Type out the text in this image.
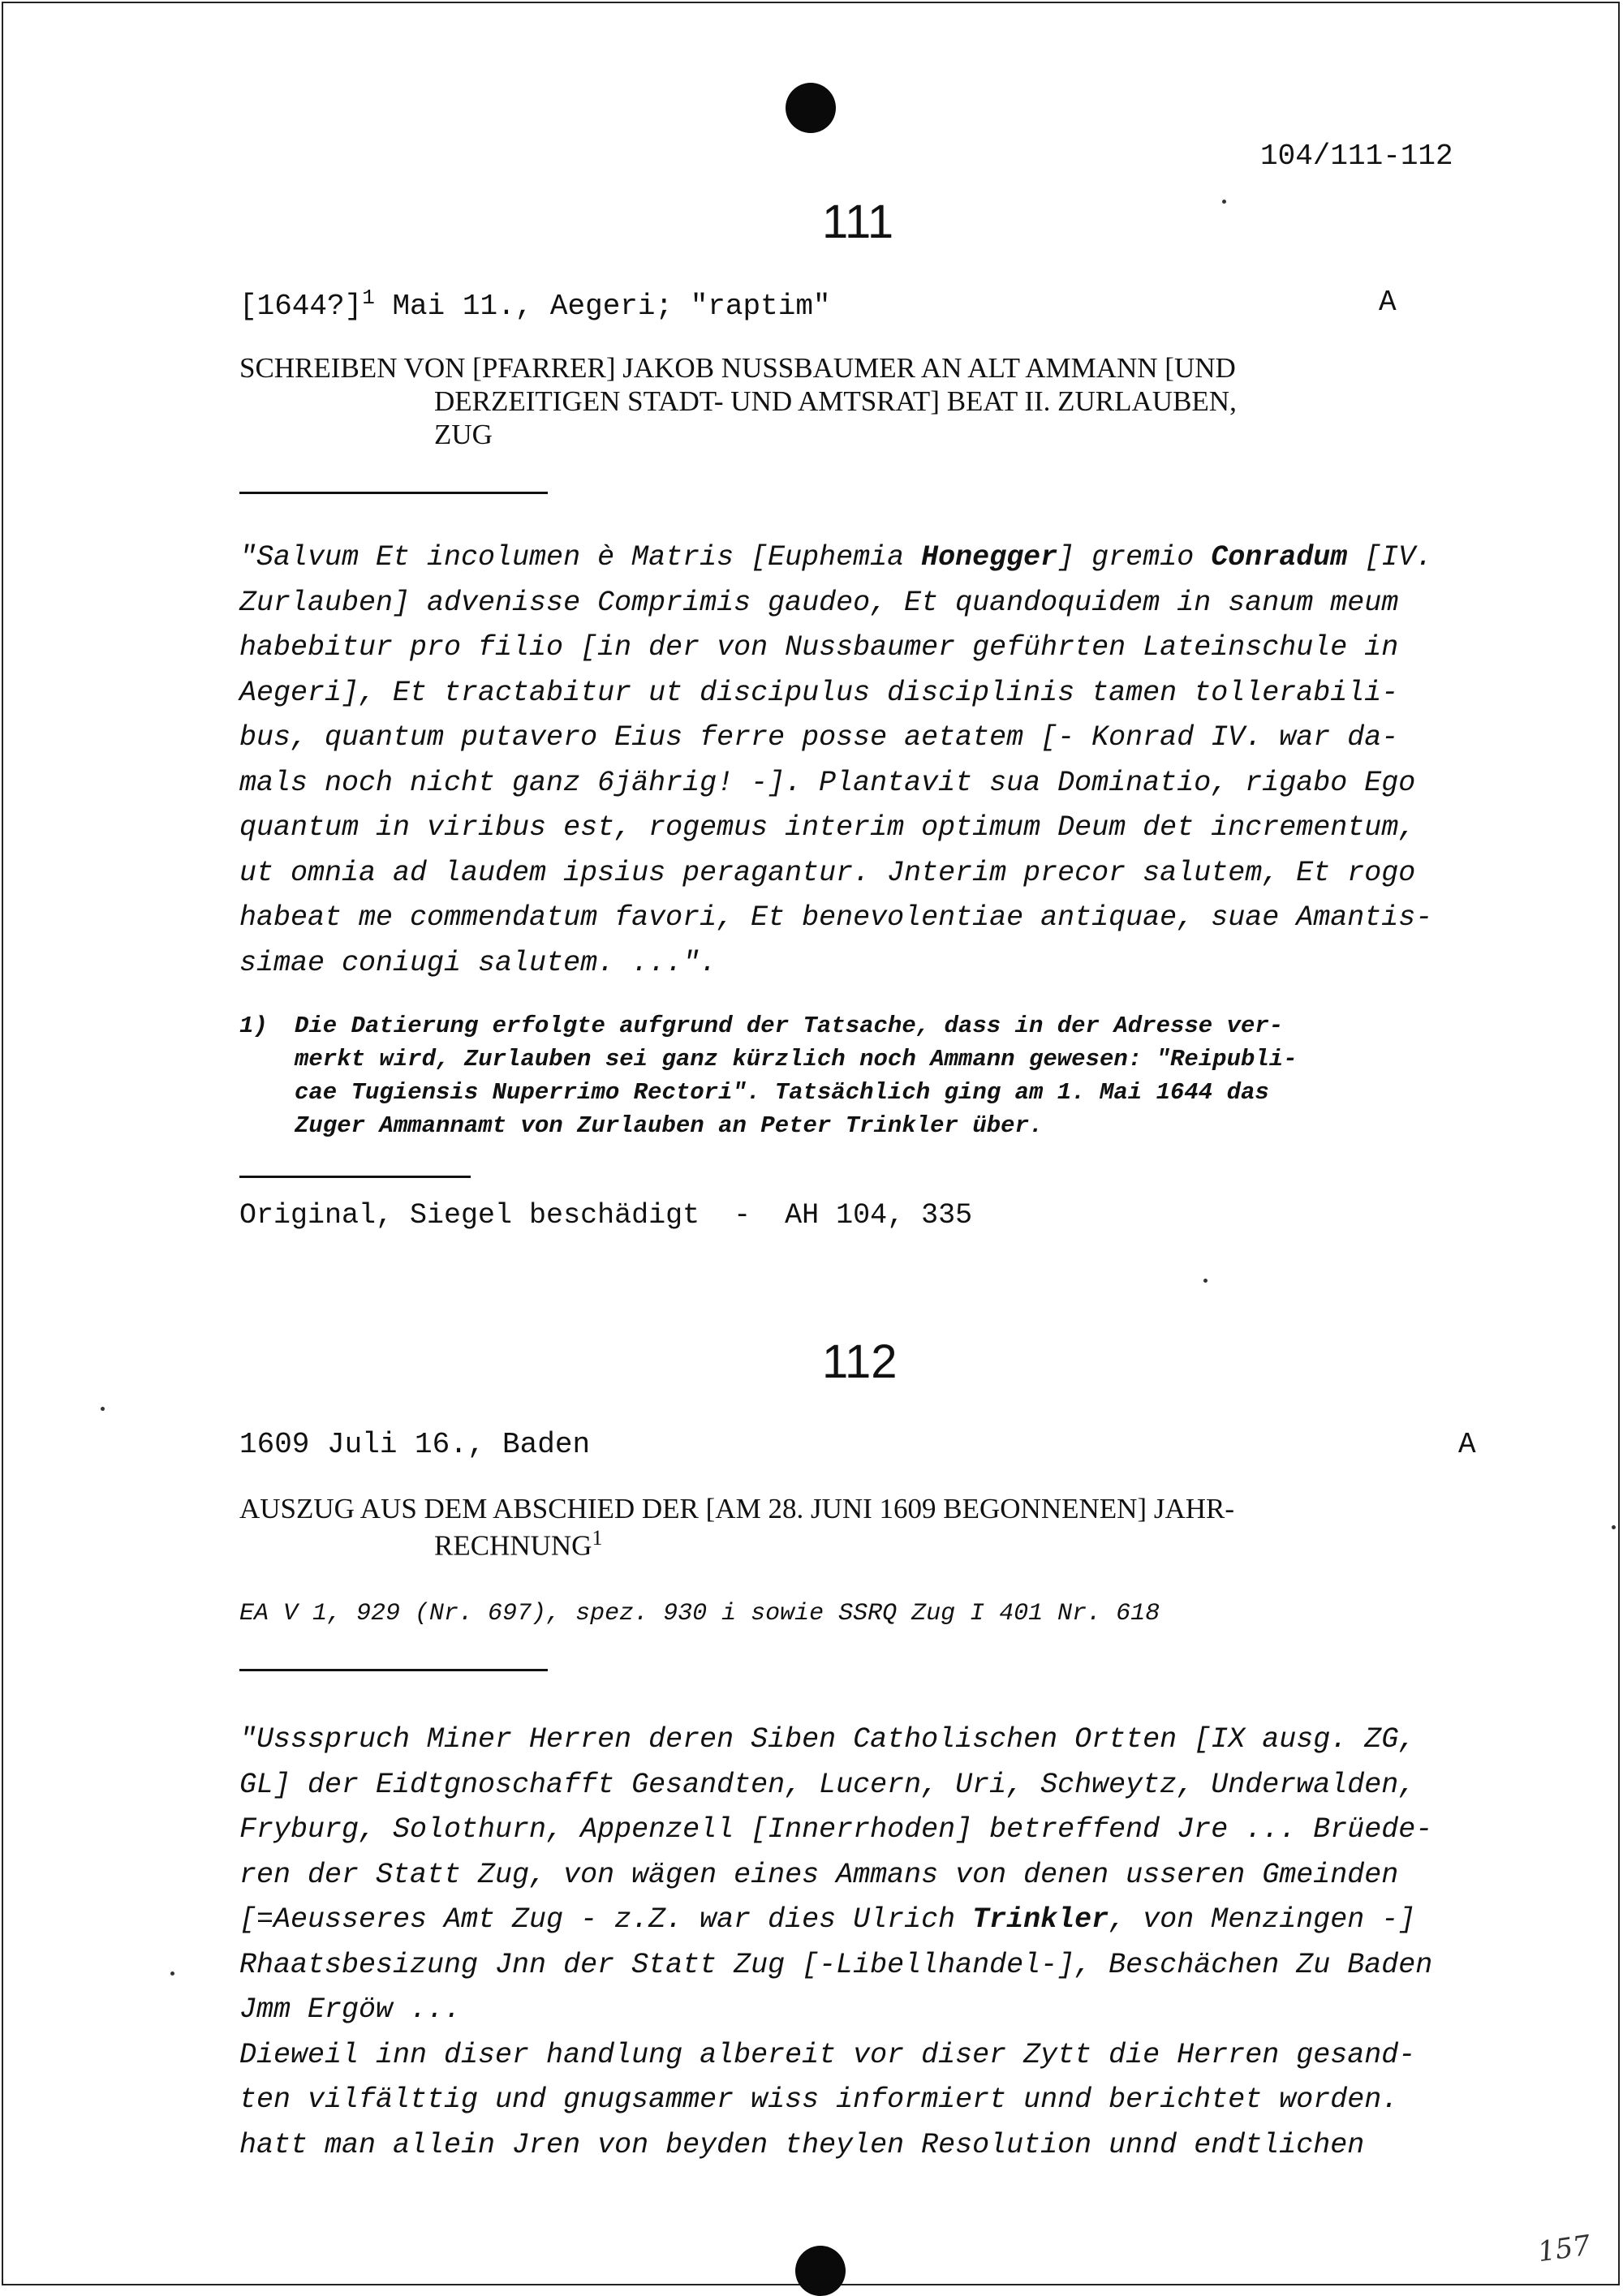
104/111-112
111
[1644?]$^1$ Mai 11., Aegeri; "raptim"	A
SCHREIBEN VON [PFARRER] JAKOB NUSSBAUMER AN ALT AMMANN [UND
DERZEITIGEN STADT- UND AMTSRAT] BEAT II. ZURLAUBEN,
ZUG
"Salvum Et incolumen è Matris [Euphemia Honegger] gremio Conradum [IV.
Zurlauben] advenisse Comprimis gaudeo, Et quandoquidem in sanum meum
habebitur pro filio [in der von Nussbaumer geführten Lateinschule in
Aegeri], Et tractabitur ut discipulus disciplinis tamen tollerabili-
bus, quantum putavero Eius ferre posse aetatem [- Konrad IV. war da-
mals noch nicht ganz 6jährig! -]. Plantavit sua Dominatio, rigabo Ego
quantum in viribus est, rogemus interim optimum Deum det incrementum,
ut omnia ad laudem ipsius peragantur. Jnterim precor salutem, Et rogo
habeat me commendatum favori, Et benevolentiae antiquae, suae Amantis-
simae coniugi salutem. ...".
1) Die Datierung erfolgte aufgrund der Tatsache, dass in der Adresse ver-
merkt wird, Zurlauben sei ganz kürzlich noch Ammann gewesen: "Reipubli-
cae Tugiensis Nuperrimo Rectori". Tatsächlich ging am 1. Mai 1644 das
Zuger Ammannamt von Zurlauben an Peter Trinkler über.
Original, Siegel beschädigt  -  AH 104, 335
112
1609 Juli 16., Baden	A
AUSZUG AUS DEM ABSCHIED DER [AM 28. JUNI 1609 BEGONNENEN] JAHR-
RECHNUNG$^1$
EA V 1, 929 (Nr. 697), spez. 930 i sowie SSRQ Zug I 401 Nr. 618
"Ussspruch Miner Herren deren Siben Catholischen Ortten [IX ausg. ZG,
GL] der Eidtgnoschafft Gesandten, Lucern, Uri, Schweytz, Underwalden,
Fryburg, Solothurn, Appenzell [Innerrhoden] betreffend Jre ... Brüede-
ren der Statt Zug, von wägen eines Ammans von denen usseren Gmeinden
[=Aeusseres Amt Zug - z.Z. war dies Ulrich Trinkler, von Menzingen -]
Rhaatsbesizung Jnn der Statt Zug [-Libellhandel-], Beschächen Zu Baden
Jmm Ergöw ...
Dieweil inn diser handlung albereit vor diser Zytt die Herren gesand-
ten vilfälttig und gnugsammer wiss informiert unnd berichtet worden.
hatt man allein Jren von beyden theylen Resolution unnd endtlichen
157
